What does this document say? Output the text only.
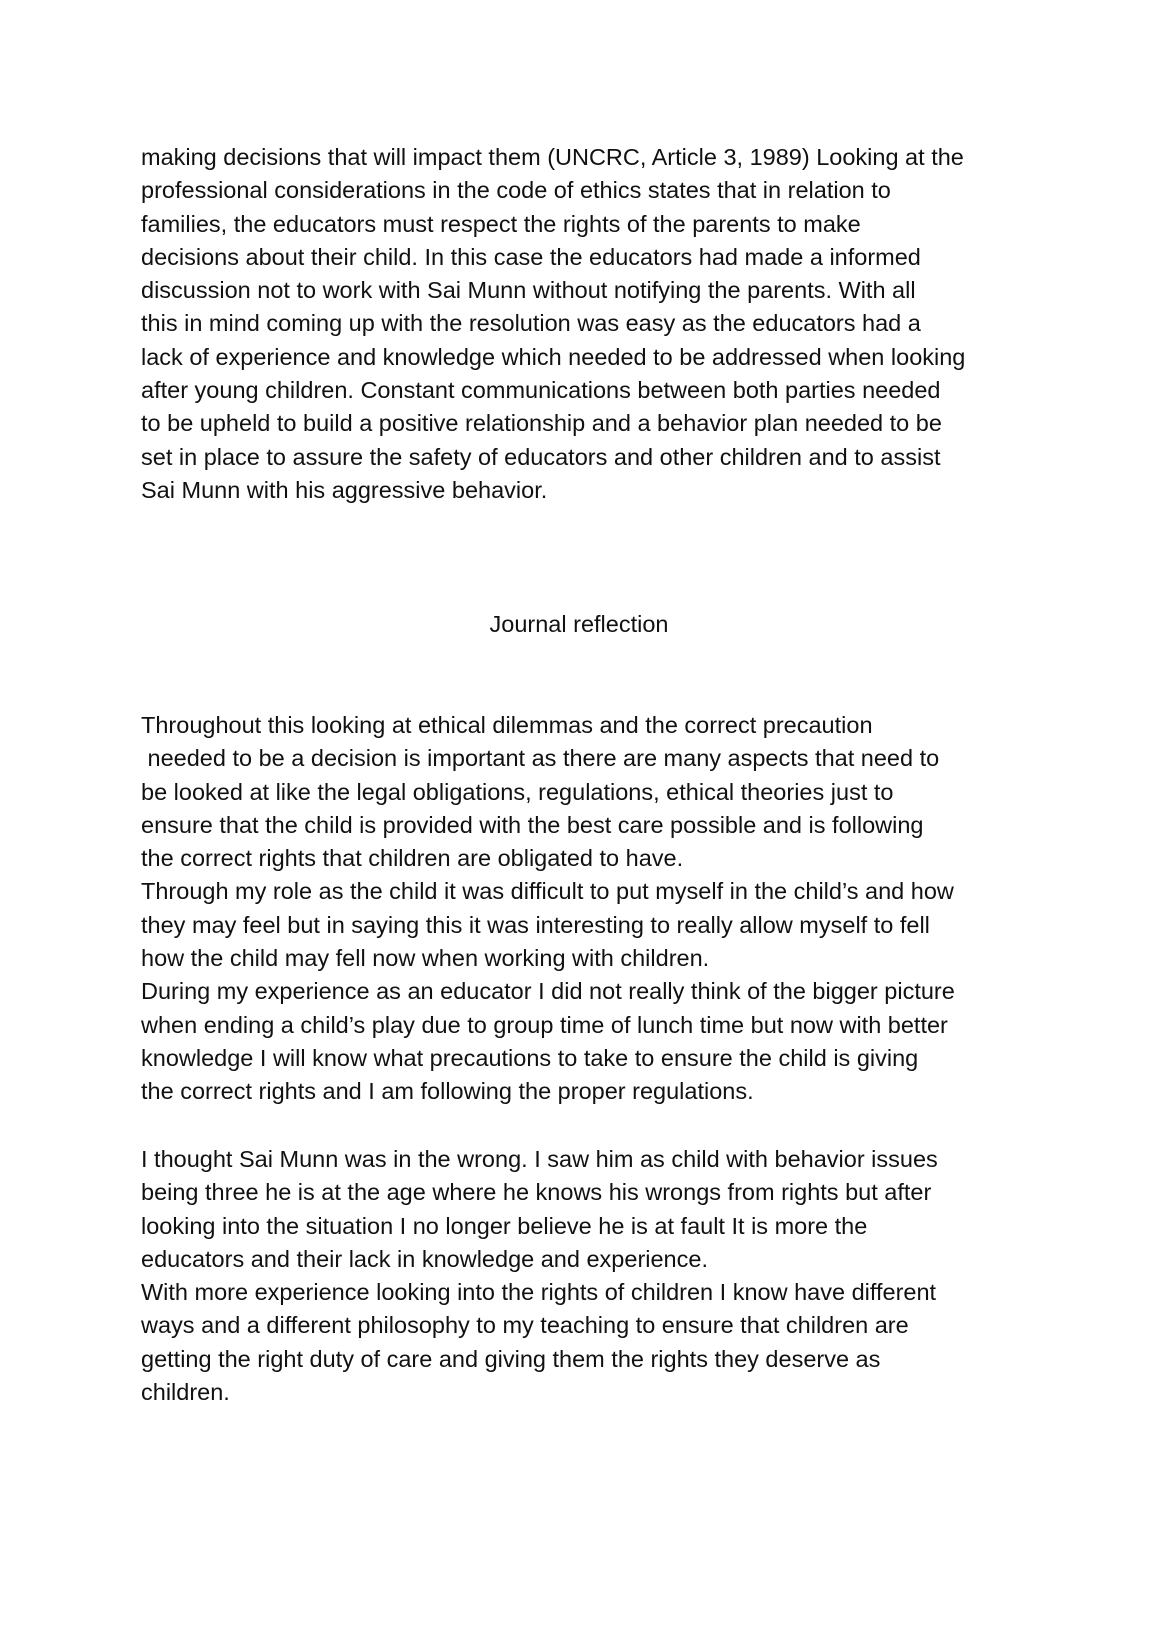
making decisions that will impact them (UNCRC, Article 3, 1989) Looking at the
professional considerations in the code of ethics states that in relation to
families, the educators must respect the rights of the parents to make
decisions about their child. In this case the educators had made a informed
discussion not to work with Sai Munn without notifying the parents. With all
this in mind coming up with the resolution was easy as the educators had a
lack of experience and knowledge which needed to be addressed when looking
after young children. Constant communications between both parties needed
to be upheld to build a positive relationship and a behavior plan needed to be
set in place to assure the safety of educators and other children and to assist
Sai Munn with his aggressive behavior.
Journal reflection
Throughout this looking at ethical dilemmas and the correct precaution
needed to be a decision is important as there are many aspects that need to
be looked at like the legal obligations, regulations, ethical theories just to
ensure that the child is provided with the best care possible and is following
the correct rights that children are obligated to have.
Through my role as the child it was difficult to put myself in the child’s and how
they may feel but in saying this it was interesting to really allow myself to fell
how the child may fell now when working with children.
During my experience as an educator I did not really think of the bigger picture
when ending a child’s play due to group time of lunch time but now with better
knowledge I will know what precautions to take to ensure the child is giving
the correct rights and I am following the proper regulations.
I thought Sai Munn was in the wrong. I saw him as child with behavior issues
being three he is at the age where he knows his wrongs from rights but after
looking into the situation I no longer believe he is at fault It is more the
educators and their lack in knowledge and experience.
With more experience looking into the rights of children I know have different
ways and a different philosophy to my teaching to ensure that children are
getting the right duty of care and giving them the rights they deserve as
children.
